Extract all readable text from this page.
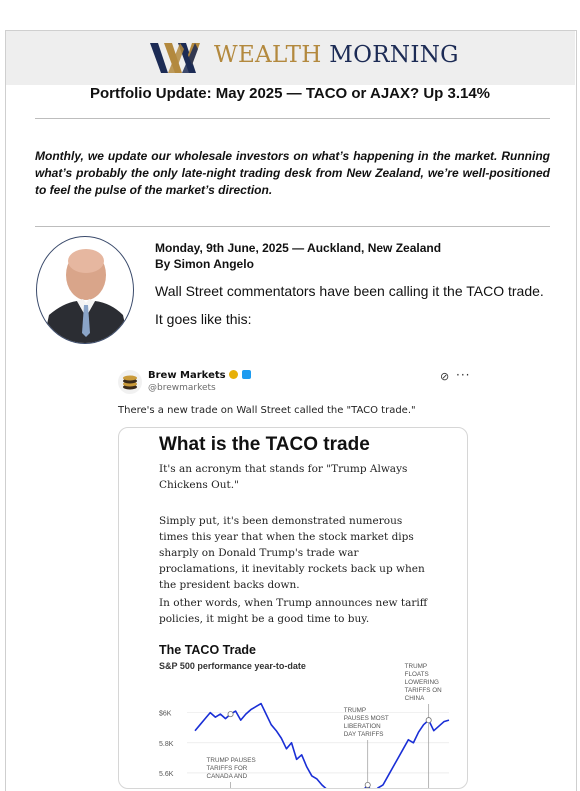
WEALTH MORNING
Portfolio Update: May 2025 — TACO or AJAX? Up 3.14%
Monthly, we update our wholesale investors on what’s happening in the market. Running what’s probably the only late-night trading desk from New Zealand, we’re well-positioned to feel the pulse of the market’s direction.
Monday, 9th June, 2025 — Auckland, New Zealand
By Simon Angelo
Wall Street commentators have been calling it the TACO trade.
It goes like this:
Brew Markets
@brewmarkets
⊘ ···
There's a new trade on Wall Street called the "TACO trade."
What is the TACO trade
It's an acronym that stands for "Trump Always Chickens Out."
Simply put, it's been demonstrated numerous times this year that when the stock market dips sharply on Donald Trump's trade war proclamations, it inevitably rockets back up when the president backs down.
In other words, when Trump announces new tariff policies, it might be a good time to buy.
The TACO Trade
S&P 500 performance year-to-date
$6K
5.8K
5.6K
TRUMP
FLOATS
LOWERING
TARIFFS ON
CHINA
TRUMP
PAUSES MOST
LIBERATION
DAY TARIFFS
TRUMP PAUSES
TARIFFS FOR
CANADA AND
